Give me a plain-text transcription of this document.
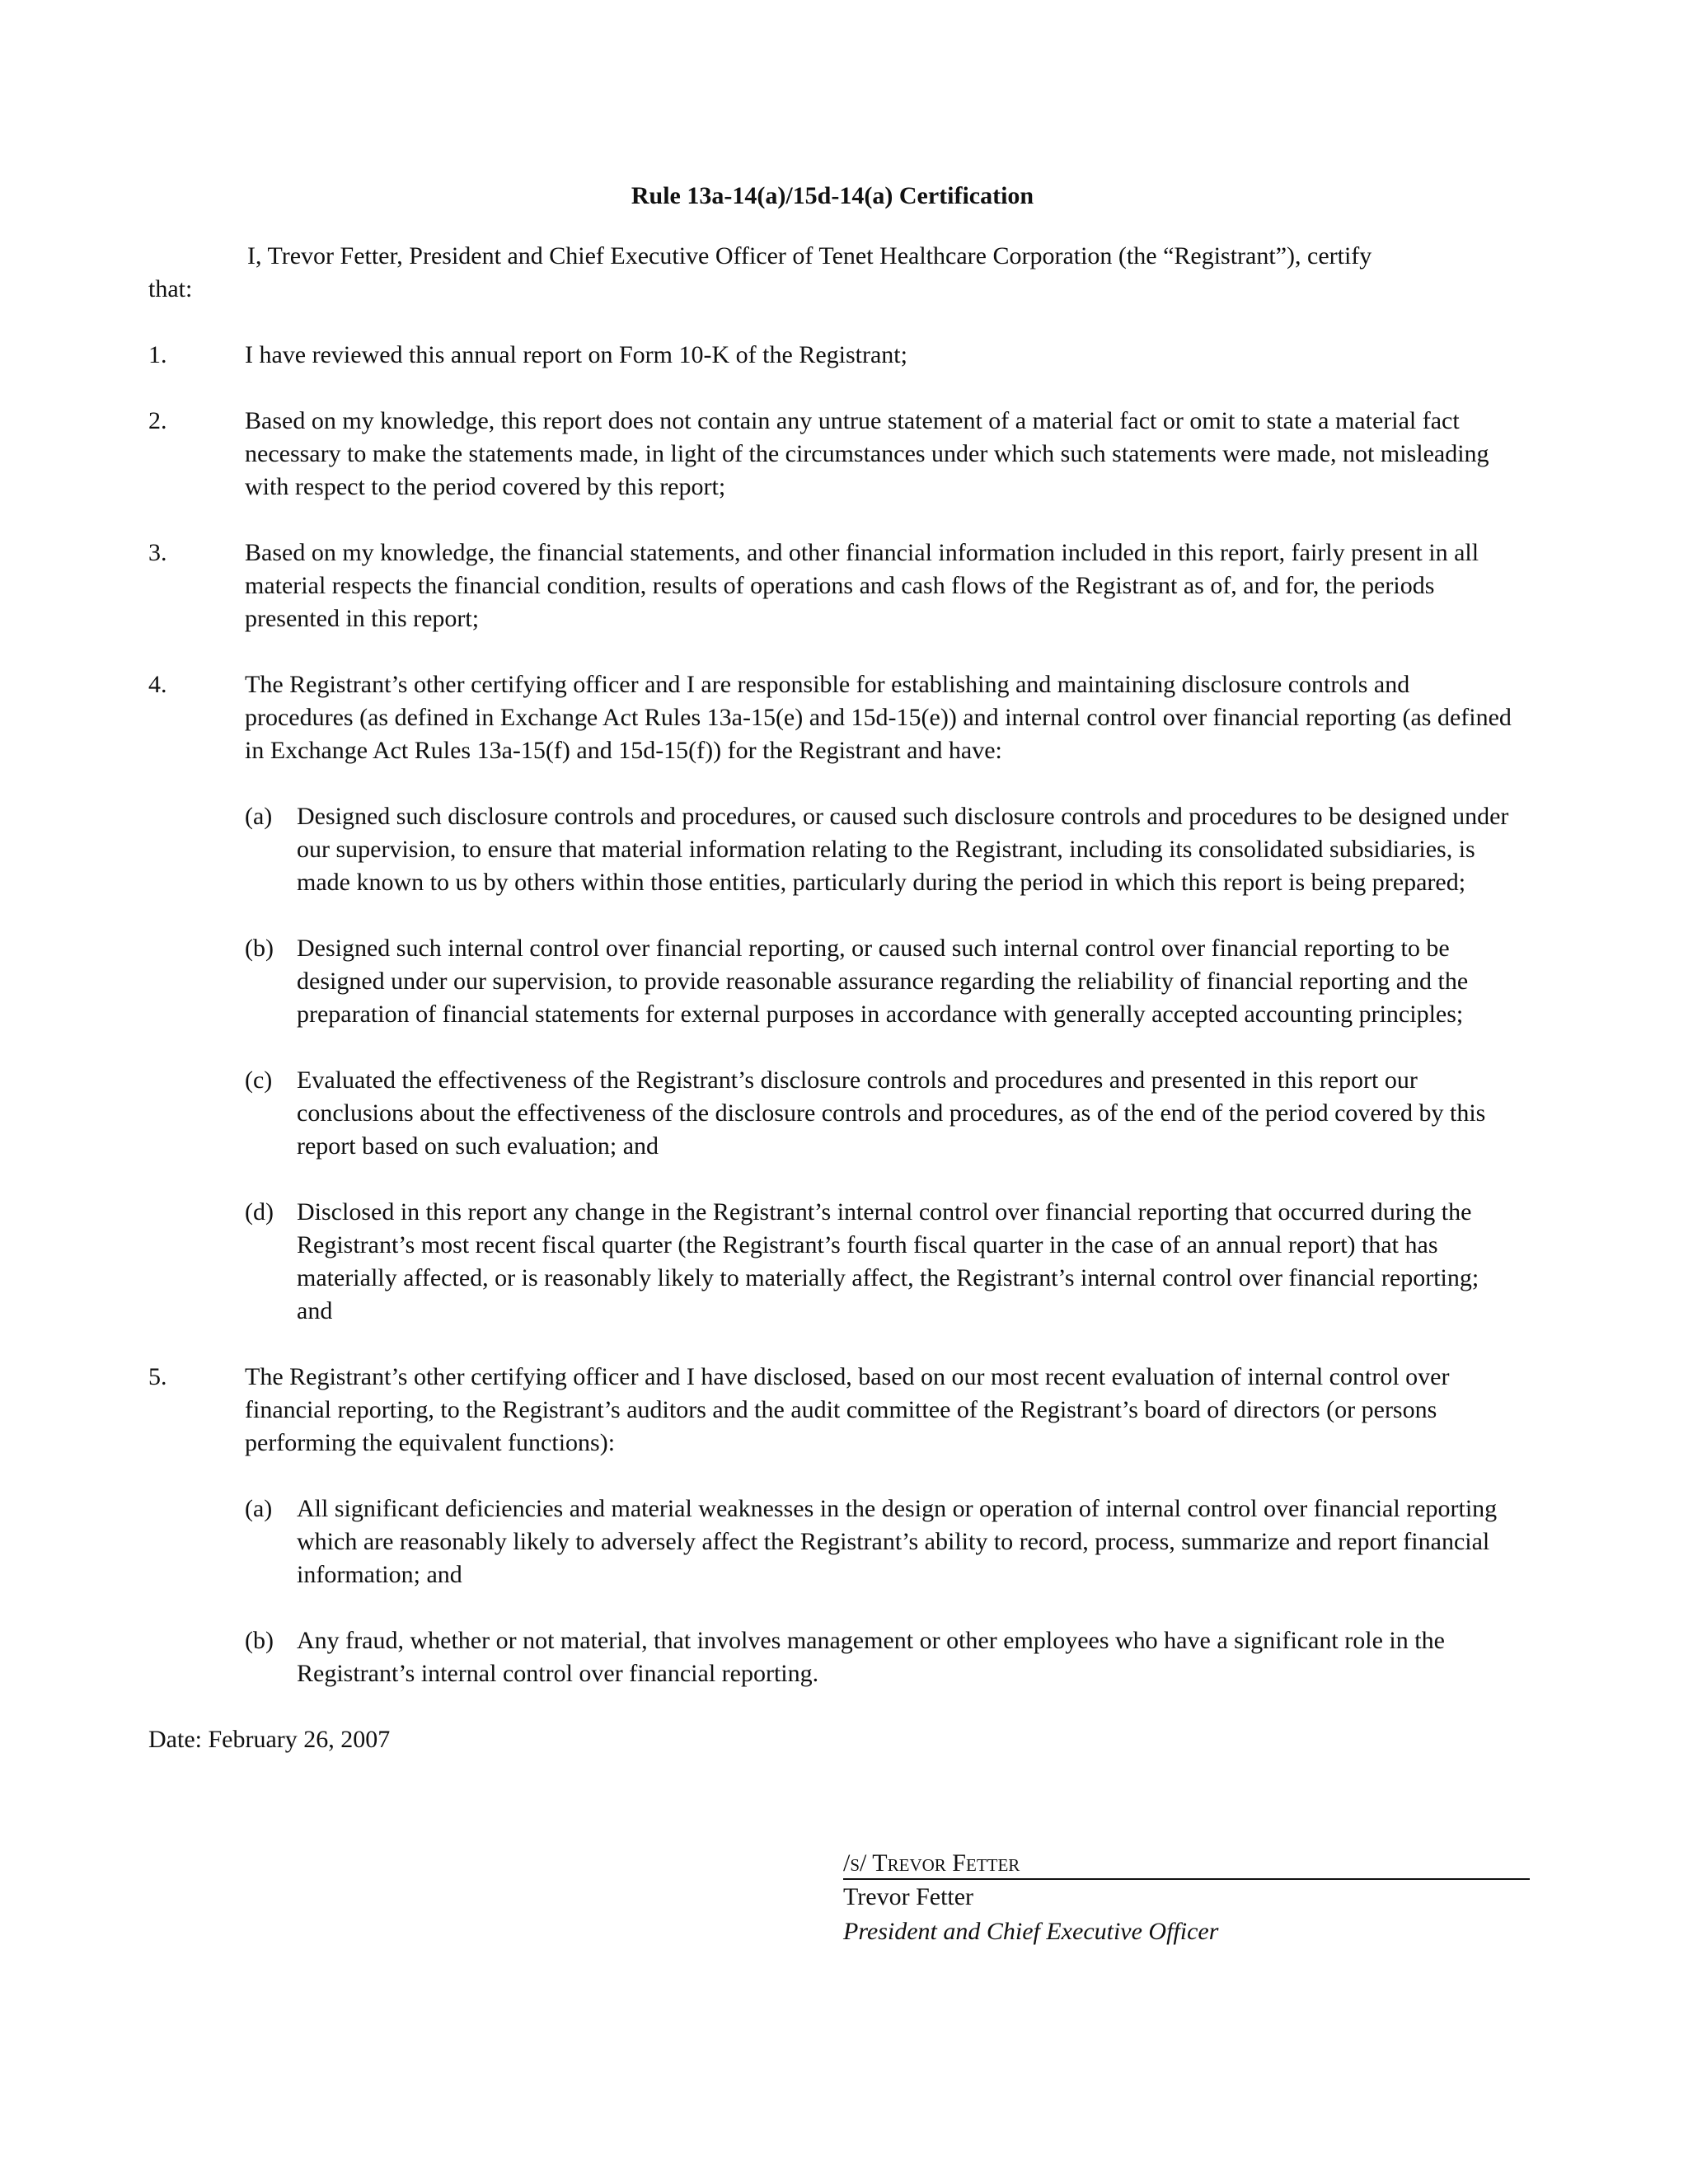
Rule 13a-14(a)/15d-14(a) Certification
I, Trevor Fetter, President and Chief Executive Officer of Tenet Healthcare Corporation (the “Registrant”), certify
that:
1.	I have reviewed this annual report on Form 10-K of the Registrant;
2.	Based on my knowledge, this report does not contain any untrue statement of a material fact or omit to state a material fact necessary to make the statements made, in light of the circumstances under which such statements were made, not misleading with respect to the period covered by this report;
3.	Based on my knowledge, the financial statements, and other financial information included in this report, fairly present in all material respects the financial condition, results of operations and cash flows of the Registrant as of, and for, the periods presented in this report;
4.	The Registrant’s other certifying officer and I are responsible for establishing and maintaining disclosure controls and procedures (as defined in Exchange Act Rules 13a-15(e) and 15d-15(e)) and internal control over financial reporting (as defined in Exchange Act Rules 13a-15(f) and 15d-15(f)) for the Registrant and have:
(a) Designed such disclosure controls and procedures, or caused such disclosure controls and procedures to be designed under our supervision, to ensure that material information relating to the Registrant, including its consolidated subsidiaries, is made known to us by others within those entities, particularly during the period in which this report is being prepared;
(b) Designed such internal control over financial reporting, or caused such internal control over financial reporting to be designed under our supervision, to provide reasonable assurance regarding the reliability of financial reporting and the preparation of financial statements for external purposes in accordance with generally accepted accounting principles;
(c) Evaluated the effectiveness of the Registrant’s disclosure controls and procedures and presented in this report our conclusions about the effectiveness of the disclosure controls and procedures, as of the end of the period covered by this report based on such evaluation; and
(d) Disclosed in this report any change in the Registrant’s internal control over financial reporting that occurred during the Registrant’s most recent fiscal quarter (the Registrant’s fourth fiscal quarter in the case of an annual report) that has materially affected, or is reasonably likely to materially affect, the Registrant’s internal control over financial reporting; and
5.	The Registrant’s other certifying officer and I have disclosed, based on our most recent evaluation of internal control over financial reporting, to the Registrant’s auditors and the audit committee of the Registrant’s board of directors (or persons performing the equivalent functions):
(a) All significant deficiencies and material weaknesses in the design or operation of internal control over financial reporting which are reasonably likely to adversely affect the Registrant’s ability to record, process, summarize and report financial information; and
(b) Any fraud, whether or not material, that involves management or other employees who have a significant role in the Registrant’s internal control over financial reporting.
Date: February 26, 2007
/s/ Trevor Fetter
Trevor Fetter
President and Chief Executive Officer
